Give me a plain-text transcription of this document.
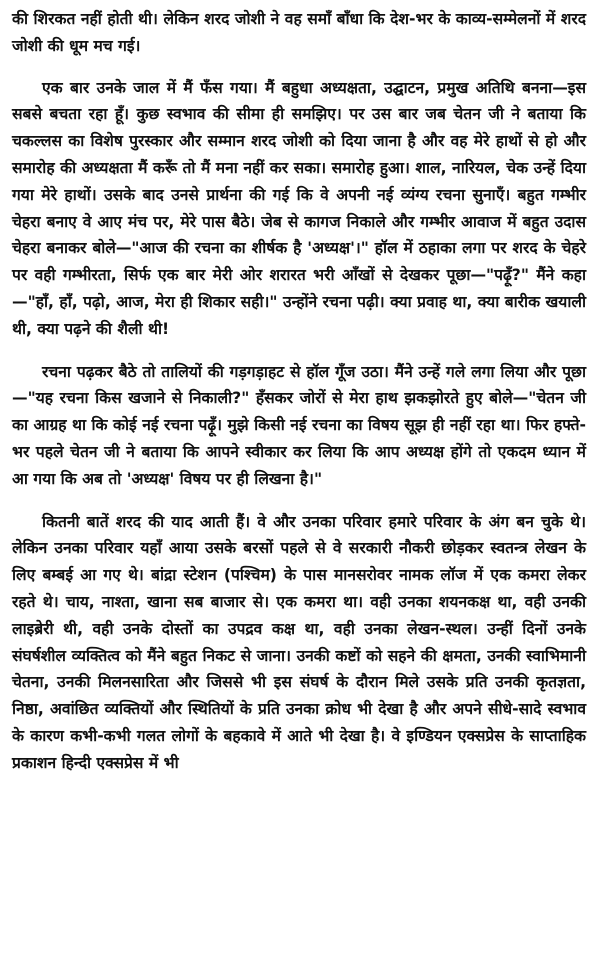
की शिरकत नहीं होती थी। लेकिन शरद जोशी ने वह समाँ बाँधा कि देश-भर के काव्य-सम्मेलनों में शरद जोशी की धूम मच गई।

एक बार उनके जाल में मैं फँस गया। मैं बहुधा अध्यक्षता, उद्घाटन, प्रमुख अतिथि बनना—इस सबसे बचता रहा हूँ। कुछ स्वभाव की सीमा ही समझिए। पर उस बार जब चेतन जी ने बताया कि चकल्लस का विशेष पुरस्कार और सम्मान शरद जोशी को दिया जाना है और वह मेरे हाथों से हो और समारोह की अध्यक्षता मैं करूँ तो मैं मना नहीं कर सका। समारोह हुआ। शाल, नारियल, चेक उन्हें दिया गया मेरे हाथों। उसके बाद उनसे प्रार्थना की गई कि वे अपनी नई व्यंग्य रचना सुनाएँ। बहुत गम्भीर चेहरा बनाए वे आए मंच पर, मेरे पास बैठे। जेब से कागज निकाले और गम्भीर आवाज में बहुत उदास चेहरा बनाकर बोले—"आज की रचना का शीर्षक है 'अध्यक्ष'।" हॉल में ठहाका लगा पर शरद के चेहरे पर वही गम्भीरता, सिर्फ एक बार मेरी ओर शरारत भरी आँखों से देखकर पूछा—"पढ़ूँ?" मैंने कहा—"हाँ, हाँ, पढ़ो, आज, मेरा ही शिकार सही।" उन्होंने रचना पढ़ी। क्या प्रवाह था, क्या बारीक खयाली थी, क्या पढ़ने की शैली थी!

रचना पढ़कर बैठे तो तालियों की गड़गड़ाहट से हॉल गूँज उठा। मैंने उन्हें गले लगा लिया और पूछा—"यह रचना किस खजाने से निकाली?" हँसकर जोरों से मेरा हाथ झकझोरते हुए बोले—"चेतन जी का आग्रह था कि कोई नई रचना पढ़ूँ। मुझे किसी नई रचना का विषय सूझ ही नहीं रहा था। फिर हफ्ते-भर पहले चेतन जी ने बताया कि आपने स्वीकार कर लिया कि आप अध्यक्ष होंगे तो एकदम ध्यान में आ गया कि अब तो 'अध्यक्ष' विषय पर ही लिखना है।"

कितनी बातें शरद की याद आती हैं। वे और उनका परिवार हमारे परिवार के अंग बन चुके थे। लेकिन उनका परिवार यहाँ आया उसके बरसों पहले से वे सरकारी नौकरी छोड़कर स्वतन्त्र लेखन के लिए बम्बई आ गए थे। बांद्रा स्टेशन (पश्चिम) के पास मानसरोवर नामक लॉज में एक कमरा लेकर रहते थे। चाय, नाश्ता, खाना सब बाजार से। एक कमरा था। वही उनका शयनकक्ष था, वही उनकी लाइब्रेरी थी, वही उनके दोस्तों का उपद्रव कक्ष था, वही उनका लेखन-स्थल। उन्हीं दिनों उनके संघर्षशील व्यक्तित्व को मैंने बहुत निकट से जाना। उनकी कष्टों को सहने की क्षमता, उनकी स्वाभिमानी चेतना, उनकी मिलनसारिता और जिससे भी इस संघर्ष के दौरान मिले उसके प्रति उनकी कृतज्ञता, निष्ठा, अवांछित व्यक्तियों और स्थितियों के प्रति उनका क्रोध भी देखा है और अपने सीधे-सादे स्वभाव के कारण कभी-कभी गलत लोगों के बहकावे में आते भी देखा है। वे इण्डियन एक्सप्रेस के साप्ताहिक प्रकाशन हिन्दी एक्सप्रेस में भी
